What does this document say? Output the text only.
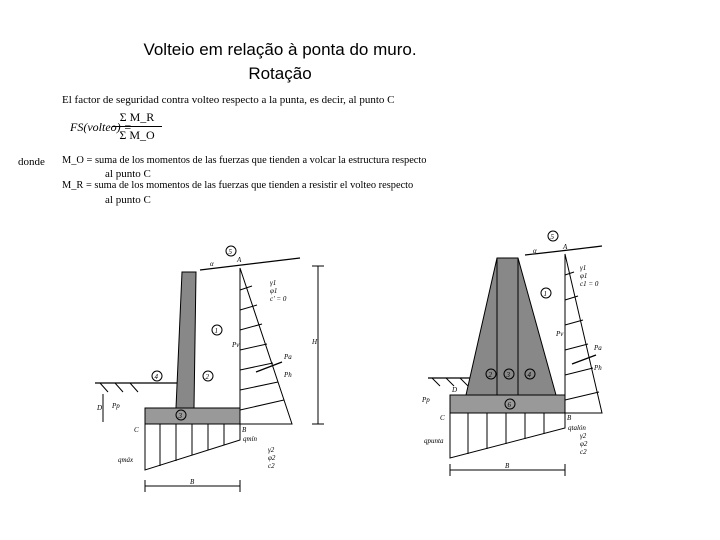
Volteio em relação à ponta do muro.
Rotação
El factor de seguridad contra volteo respecto a la punta, es decir, al punto C
FS(volteo) =
Σ M_R
Σ M_O
donde M_O = suma de los momentos de las fuerzas que tienden a volcar la estructura respecto
al punto C
M_R = suma de los momentos de las fuerzas que tienden a resistir el volteo respecto
al punto C
5
α	A
γ1
φ1
c' = 0
1
4	2
3
Pv
Pa
Ph
H'
Pp
D
C	B
qmín
qmáx
γ2
φ2
c2
B
5
α	A
γ1
φ1
c1 = 0
1
Pv
Pa
Ph
2 3	4
6
Pp
D
C	B
qtalón
qpunta
γ2
φ2
c2
B
